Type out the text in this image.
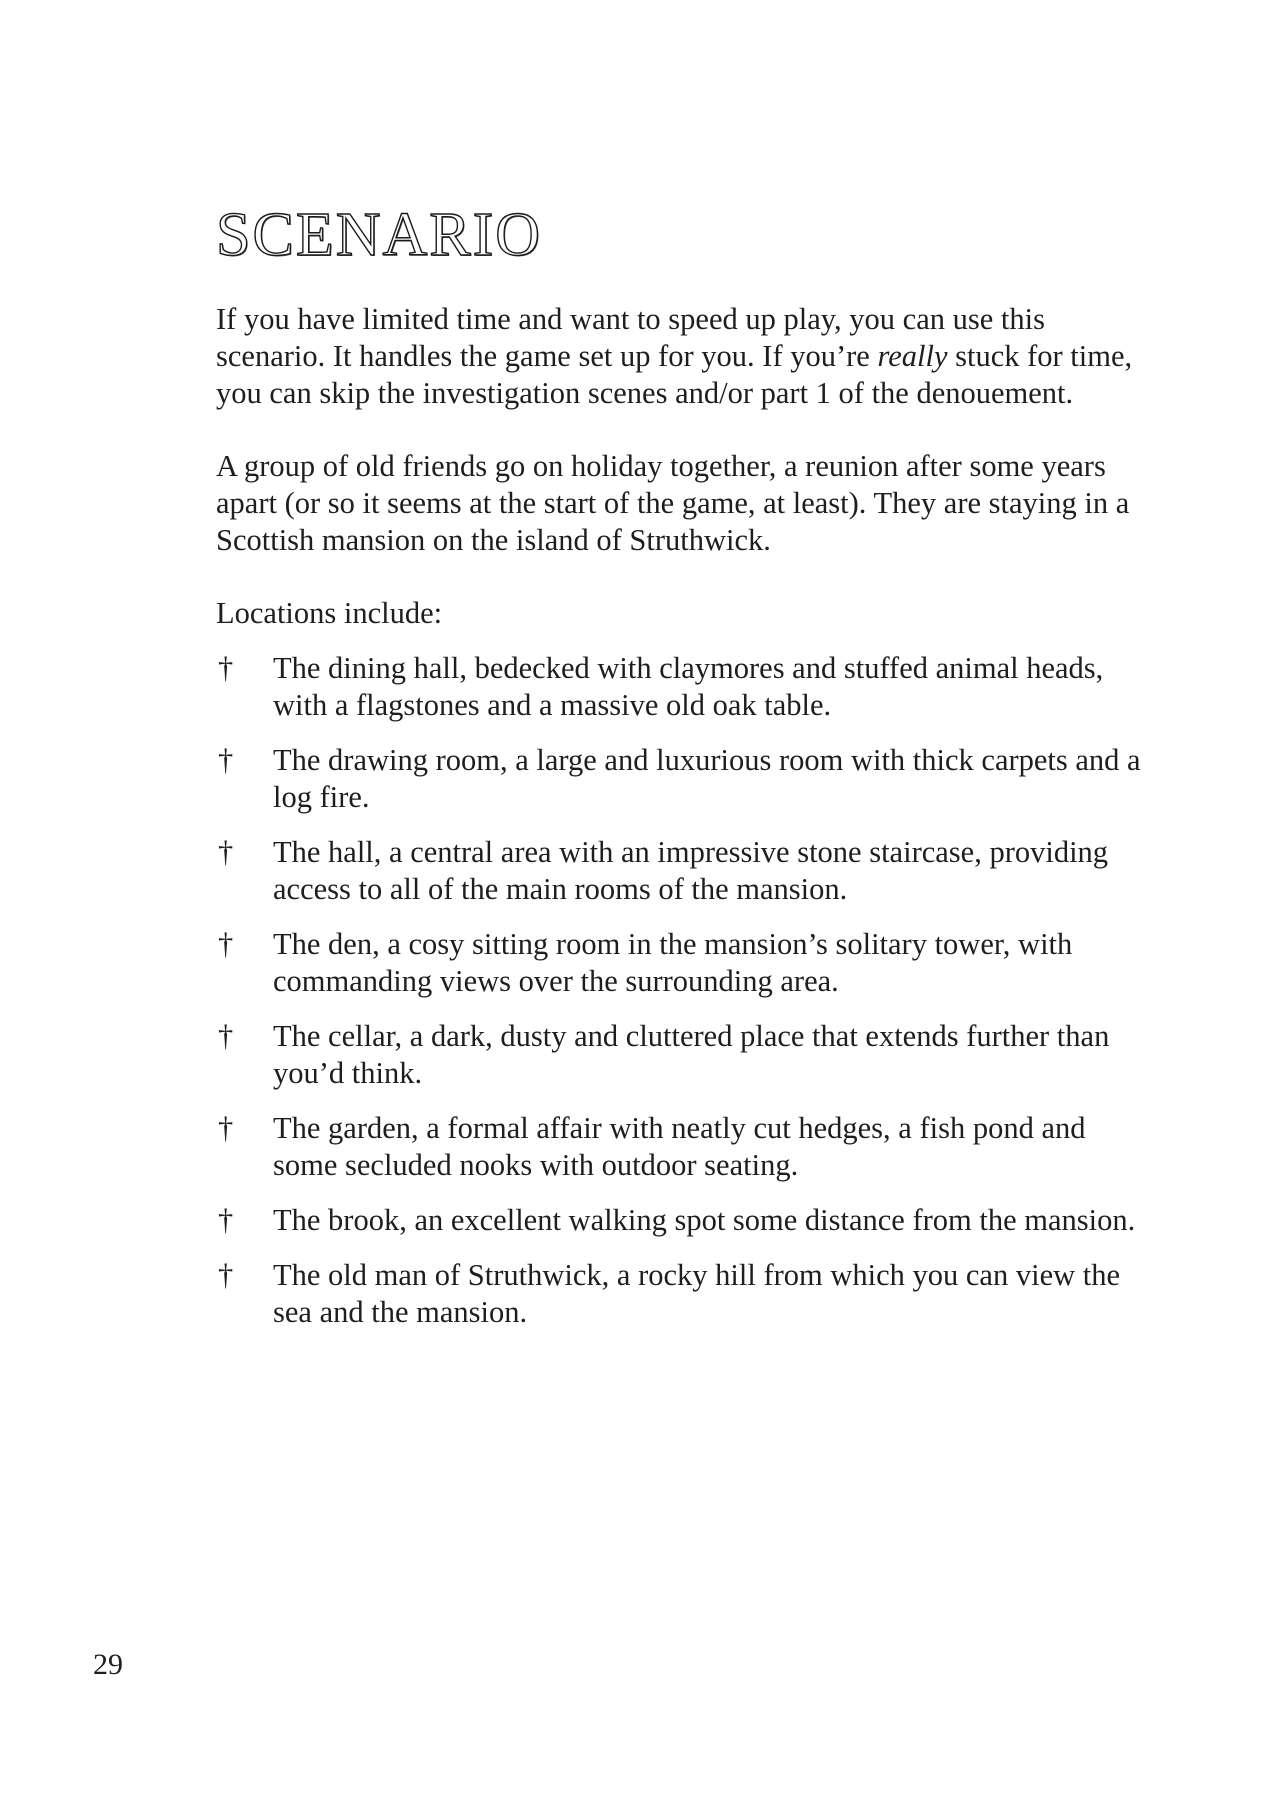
SCENARIO

If you have limited time and want to speed up play, you can use this scenario. It handles the game set up for you. If you’re really stuck for time, you can skip the investigation scenes and/or part 1 of the denouement.

A group of old friends go on holiday together, a reunion after some years apart (or so it seems at the start of the game, at least). They are staying in a Scottish mansion on the island of Struthwick.

Locations include:

†	The dining hall, bedecked with claymores and stuffed animal heads, with a flagstones and a massive old oak table.
†	The drawing room, a large and luxurious room with thick carpets and a log fire.
†	The hall, a central area with an impressive stone staircase, providing access to all of the main rooms of the mansion.
†	The den, a cosy sitting room in the mansion’s solitary tower, with commanding views over the surrounding area.
†	The cellar, a dark, dusty and cluttered place that extends further than you’d think.
†	The garden, a formal affair with neatly cut hedges, a fish pond and some secluded nooks with outdoor seating.
†	The brook, an excellent walking spot some distance from the mansion.
†	The old man of Struthwick, a rocky hill from which you can view the sea and the mansion.
29
